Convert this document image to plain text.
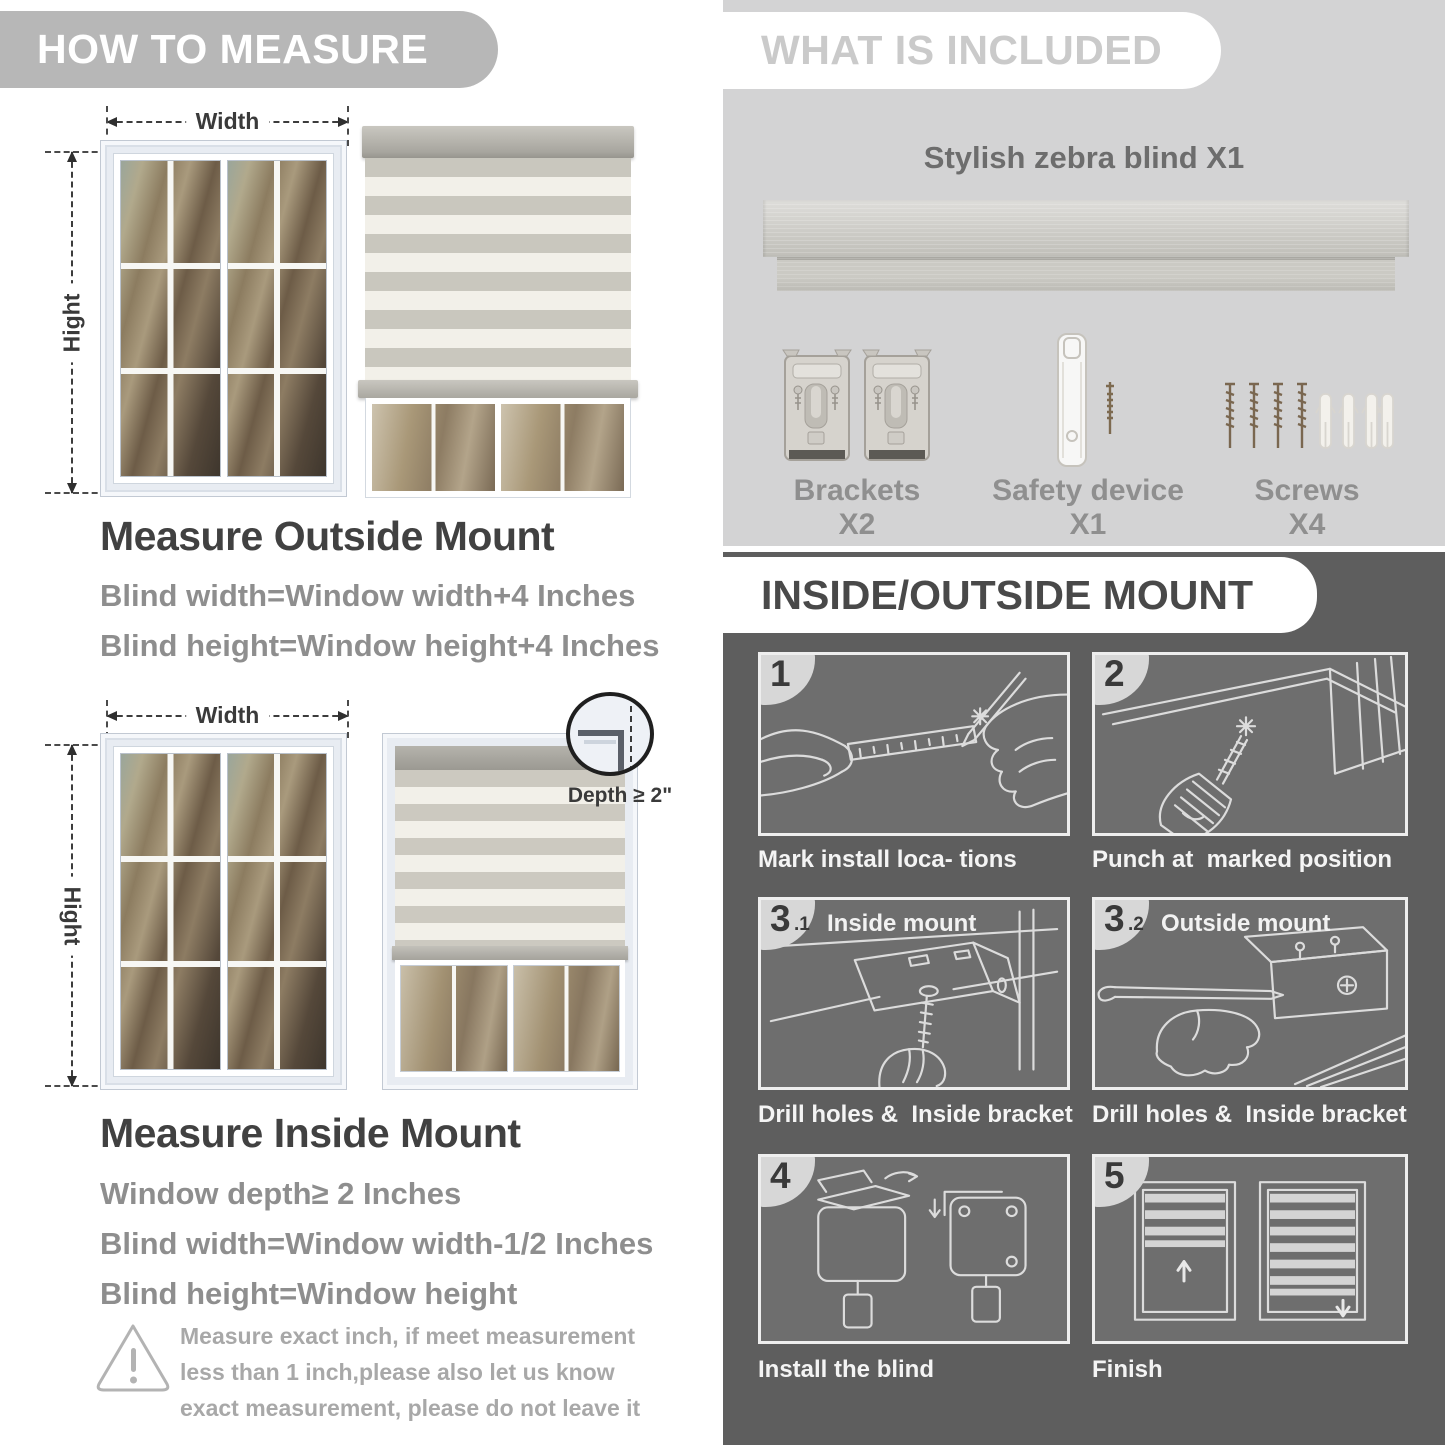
HOW TO MEASURE
Width
Hight
Measure Outside Mount
Blind width=Window width+4 Inches
Blind height=Window height+4 Inches
Width
Hight
Depth ≥ 2"
Measure Inside Mount
Window depth≥ 2 Inches
Blind width=Window width-1/2 Inches
Blind height=Window height
Measure exact inch, if meet measurement less than 1 inch,please also let us know exact measurement, please do not leave it
WHAT IS INCLUDED
Stylish zebra blind X1
Brackets X2
Safety device X1
Screws X4
INSIDE/OUTSIDE MOUNT
1
Mark install loca- tions
2
Punch at  marked position
3 .1 Inside mount
Drill holes &  Inside bracket
3 .2 Outside mount
Drill holes &  Inside bracket
4
Install the blind
5
Finish
